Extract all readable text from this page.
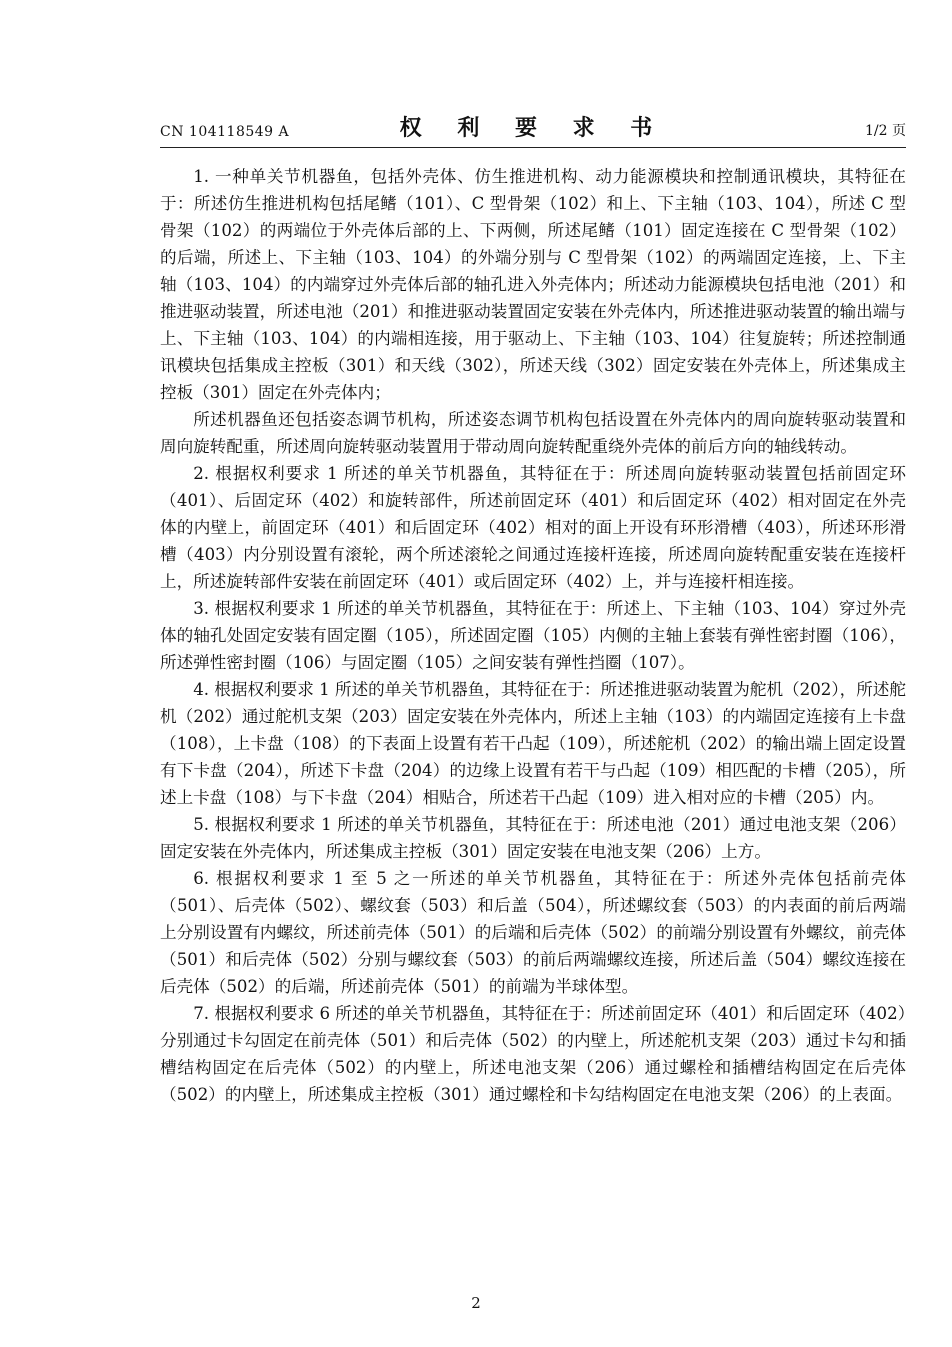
CN 104118549 A	权 利 要 求 书	1/2 页

1. 一种单关节机器鱼，包括外壳体、仿生推进机构、动力能源模块和控制通讯模块，其特征在于：所述仿生推进机构包括尾鳍（101）、C 型骨架（102）和上、下主轴（103、104），所述 C 型骨架（102）的两端位于外壳体后部的上、下两侧，所述尾鳍（101）固定连接在 C 型骨架（102）的后端，所述上、下主轴（103、104）的外端分别与 C 型骨架（102）的两端固定连接，上、下主轴（103、104）的内端穿过外壳体后部的轴孔进入外壳体内；所述动力能源模块包括电池（201）和推进驱动装置，所述电池（201）和推进驱动装置固定安装在外壳体内，所述推进驱动装置的输出端与上、下主轴（103、104）的内端相连接，用于驱动上、下主轴（103、104）往复旋转；所述控制通讯模块包括集成主控板（301）和天线（302），所述天线（302）固定安装在外壳体上，所述集成主控板（301）固定在外壳体内；

所述机器鱼还包括姿态调节机构，所述姿态调节机构包括设置在外壳体内的周向旋转驱动装置和周向旋转配重，所述周向旋转驱动装置用于带动周向旋转配重绕外壳体的前后方向的轴线转动。

2. 根据权利要求 1 所述的单关节机器鱼，其特征在于：所述周向旋转驱动装置包括前固定环（401）、后固定环（402）和旋转部件，所述前固定环（401）和后固定环（402）相对固定在外壳体的内壁上，前固定环（401）和后固定环（402）相对的面上开设有环形滑槽（403），所述环形滑槽（403）内分别设置有滚轮，两个所述滚轮之间通过连接杆连接，所述周向旋转配重安装在连接杆上，所述旋转部件安装在前固定环（401）或后固定环（402）上，并与连接杆相连接。

3. 根据权利要求 1 所述的单关节机器鱼，其特征在于：所述上、下主轴（103、104）穿过外壳体的轴孔处固定安装有固定圈（105），所述固定圈（105）内侧的主轴上套装有弹性密封圈（106），所述弹性密封圈（106）与固定圈（105）之间安装有弹性挡圈（107）。

4. 根据权利要求 1 所述的单关节机器鱼，其特征在于：所述推进驱动装置为舵机（202），所述舵机（202）通过舵机支架（203）固定安装在外壳体内，所述上主轴（103）的内端固定连接有上卡盘（108），上卡盘（108）的下表面上设置有若干凸起（109），所述舵机（202）的输出端上固定设置有下卡盘（204），所述下卡盘（204）的边缘上设置有若干与凸起（109）相匹配的卡槽（205），所述上卡盘（108）与下卡盘（204）相贴合，所述若干凸起（109）进入相对应的卡槽（205）内。

5. 根据权利要求 1 所述的单关节机器鱼，其特征在于：所述电池（201）通过电池支架（206）固定安装在外壳体内，所述集成主控板（301）固定安装在电池支架（206）上方。

6. 根据权利要求 1 至 5 之一所述的单关节机器鱼，其特征在于：所述外壳体包括前壳体（501）、后壳体（502）、螺纹套（503）和后盖（504），所述螺纹套（503）的内表面的前后两端上分别设置有内螺纹，所述前壳体（501）的后端和后壳体（502）的前端分别设置有外螺纹，前壳体（501）和后壳体（502）分别与螺纹套（503）的前后两端螺纹连接，所述后盖（504）螺纹连接在后壳体（502）的后端，所述前壳体（501）的前端为半球体型。

7. 根据权利要求 6 所述的单关节机器鱼，其特征在于：所述前固定环（401）和后固定环（402）分别通过卡勾固定在前壳体（501）和后壳体（502）的内壁上，所述舵机支架（203）通过卡勾和插槽结构固定在后壳体（502）的内壁上，所述电池支架（206）通过螺栓和插槽结构固定在后壳体（502）的内壁上，所述集成主控板（301）通过螺栓和卡勾结构固定在电池支架（206）的上表面。

2
